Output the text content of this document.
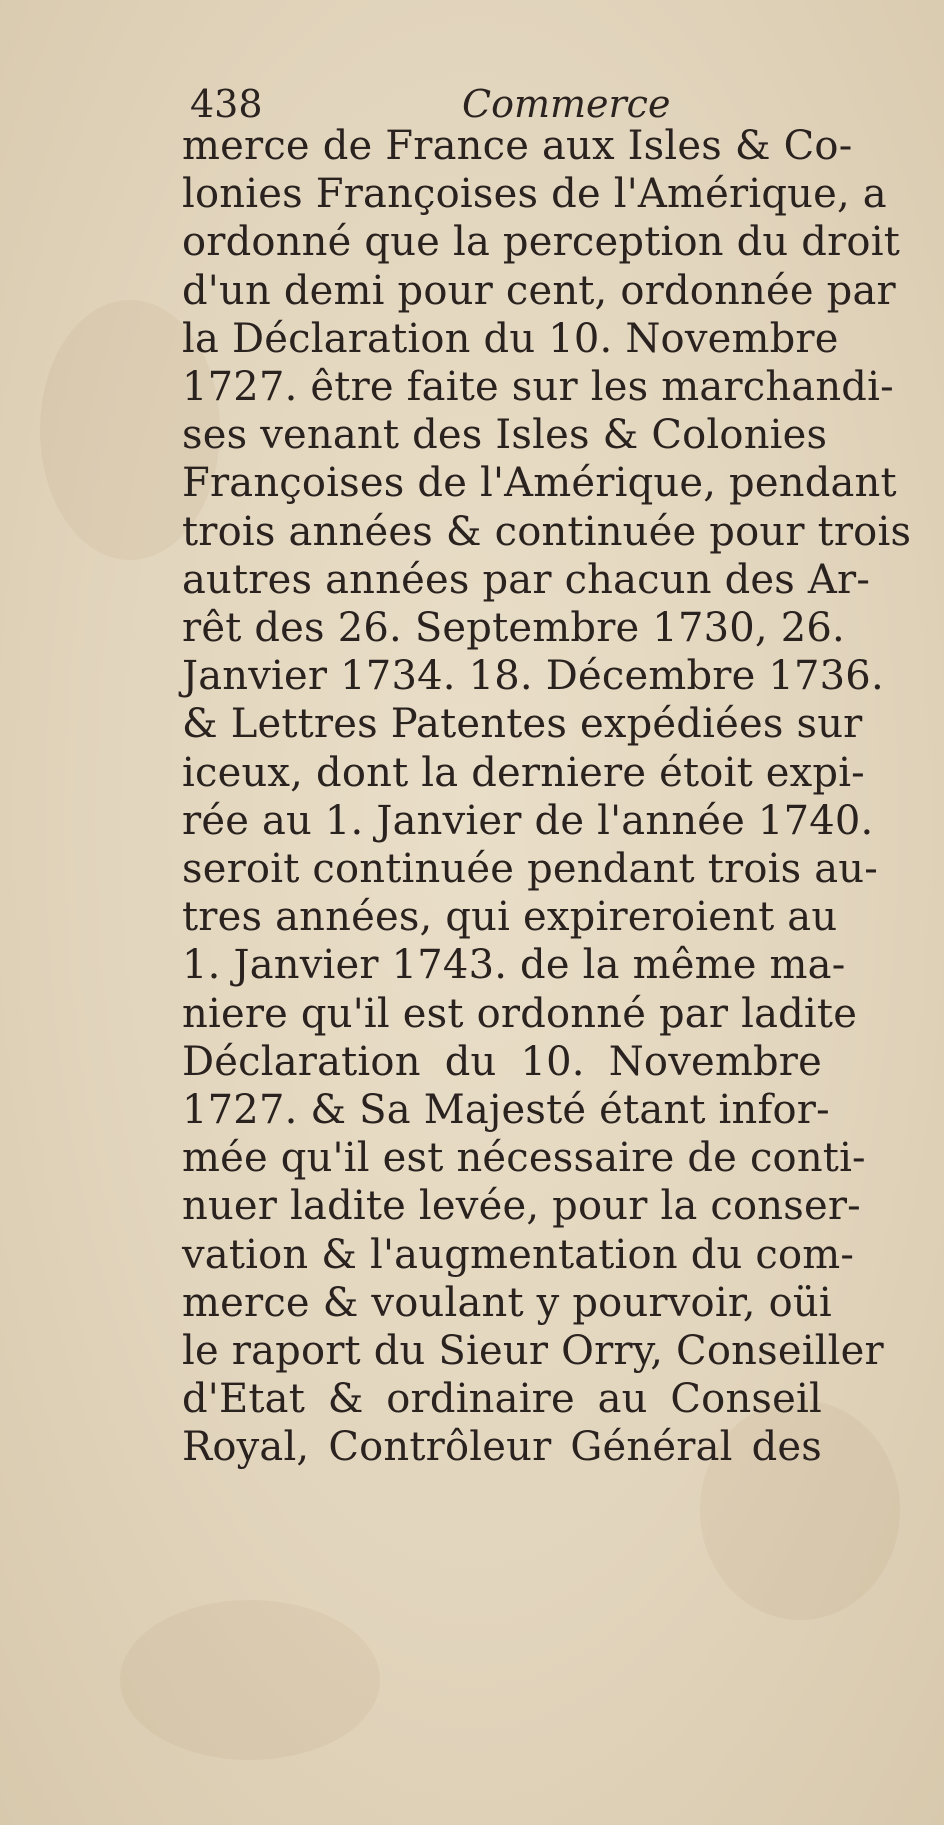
438	Commerce
merce de France aux Isles & Co-
lonies Françoises de l'Amérique, a
ordonné que la perception du droit
d'un demi pour cent, ordonnée par
la Déclaration du 10. Novembre
1727. être faite sur les marchandi-
ses venant des Isles & Colonies
Françoises de l'Amérique, pendant
trois années & continuée pour trois
autres années par chacun des Ar-
rêt des 26. Septembre 1730, 26.
Janvier 1734. 18. Décembre 1736.
& Lettres Patentes expédiées sur
iceux, dont la derniere étoit expi-
rée au 1. Janvier de l'année 1740.
seroit continuée pendant trois au-
tres années, qui expireroient au
1. Janvier 1743. de la même ma-
niere qu'il est ordonné par ladite
Déclaration du 10. Novembre
1727. & Sa Majesté étant infor-
mée qu'il est nécessaire de conti-
nuer ladite levée, pour la conser-
vation & l'augmentation du com-
merce & voulant y pourvoir, oüi
le raport du Sieur Orry, Conseiller
d'Etat & ordinaire au Conseil
Royal, Contrôleur Général des
